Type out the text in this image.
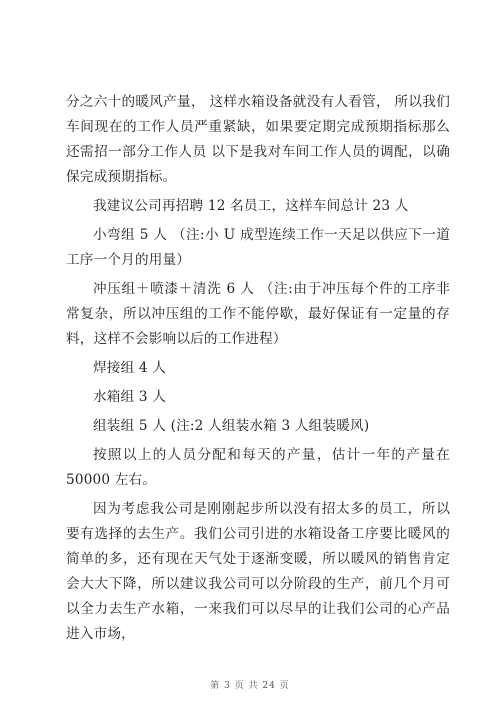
分之六十的暖风产量， 这样水箱设备就没有人看管， 所以我们车间现在的工作人员严重紧缺，如果要定期完成预期指标那么还需招一部分工作人员 以下是我对车间工作人员的调配，以确保完成预期指标。

我建议公司再招聘 12 名员工，这样车间总计 23 人

小弯组 5 人 （注:小 U 成型连续工作一天足以供应下一道工序一个月的用量）

冲压组＋喷漆＋清洗 6 人 （注:由于冲压每个件的工序非常复杂，所以冲压组的工作不能停歇，最好保证有一定量的存料，这样不会影响以后的工作进程）

焊接组 4 人

水箱组 3 人

组装组 5 人 (注:2 人组装水箱 3 人组装暖风)

按照以上的人员分配和每天的产量，估计一年的产量在 50000 左右。

因为考虑我公司是刚刚起步所以没有招太多的员工，所以要有选择的去生产。我们公司引进的水箱设备工序要比暖风的简单的多，还有现在天气处于逐渐变暖，所以暖风的销售肯定会大大下降，所以建议我公司可以分阶段的生产，前几个月可以全力去生产水箱，一来我们可以尽早的让我们公司的心产品进入市场，

第 3 页 共 24 页
